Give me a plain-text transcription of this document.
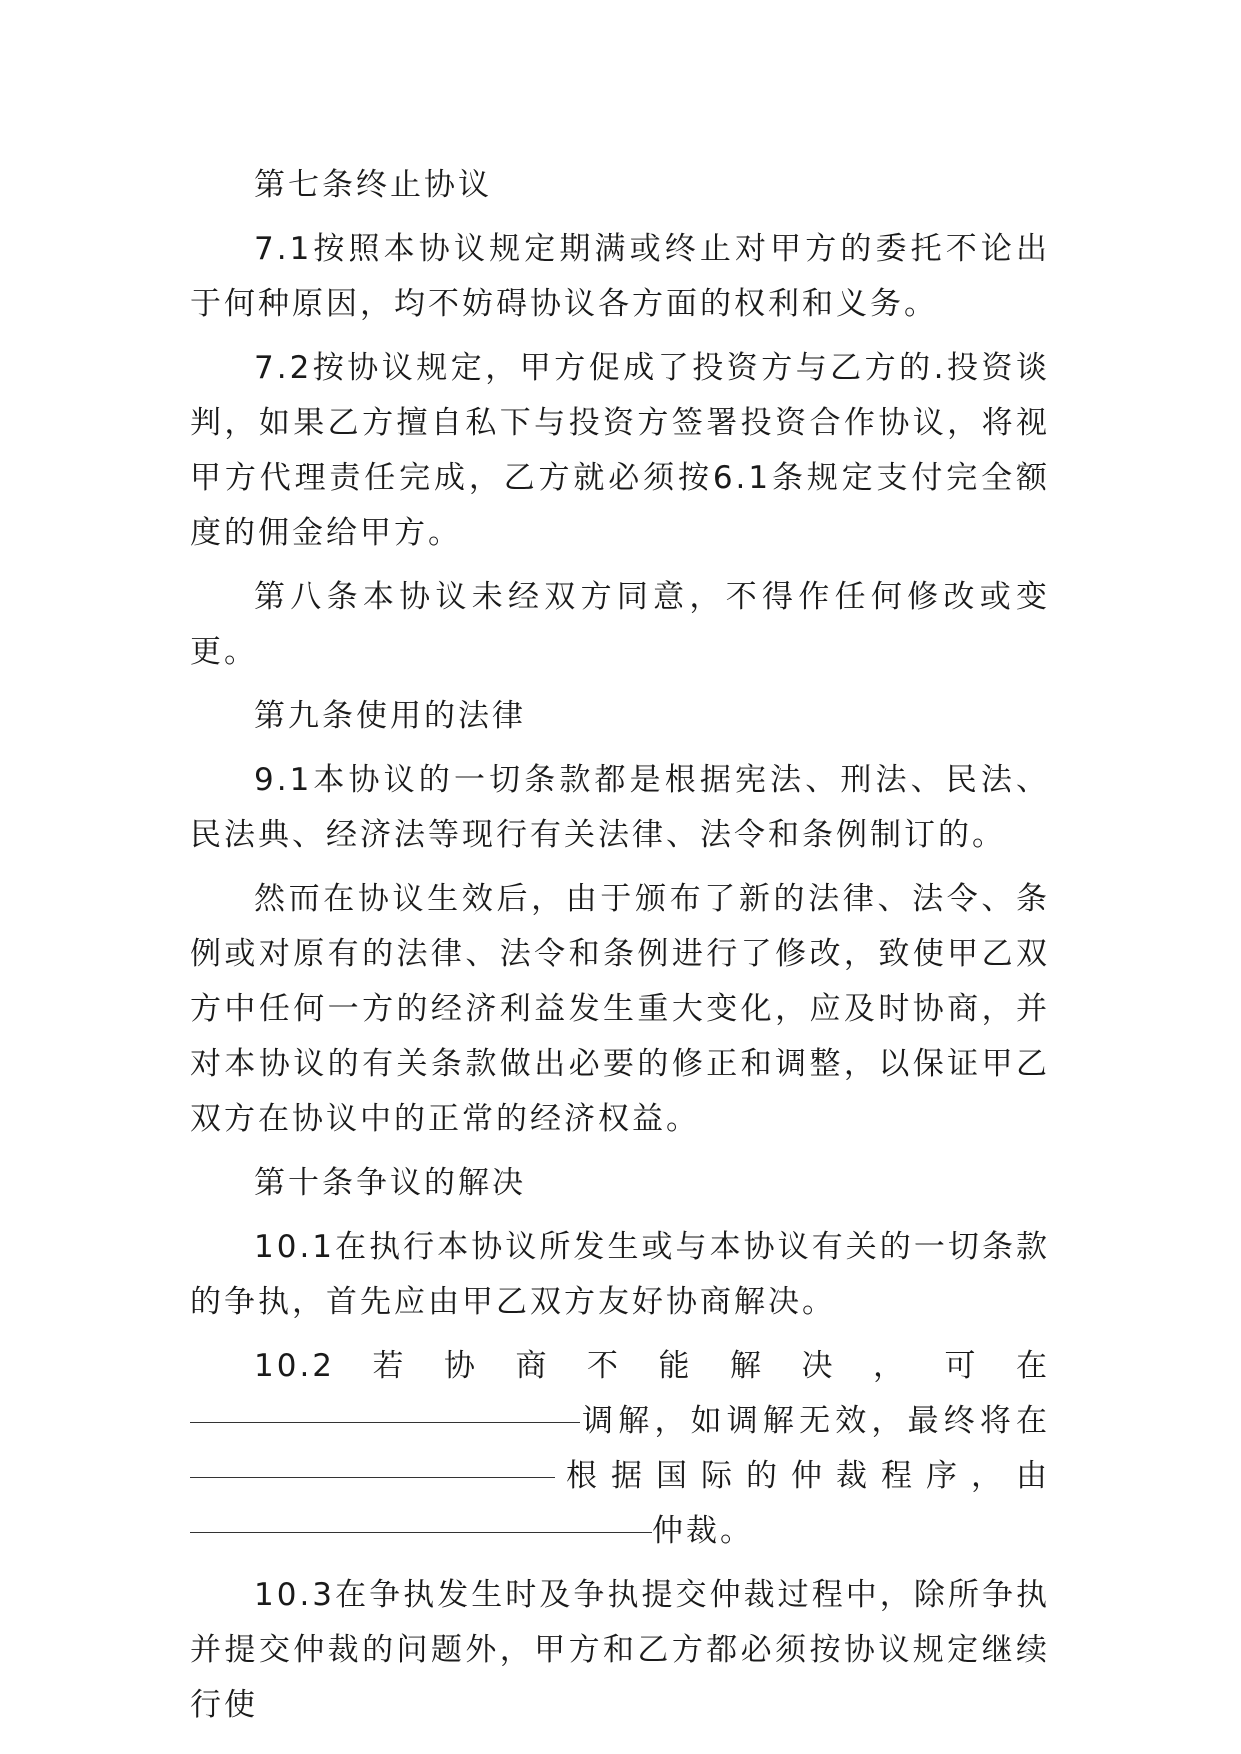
第七条终止协议

7.1按照本协议规定期满或终止对甲方的委托不论出于何种原因，均不妨碍协议各方面的权利和义务。

7.2按协议规定，甲方促成了投资方与乙方的.投资谈判，如果乙方擅自私下与投资方签署投资合作协议，将视甲方代理责任完成，乙方就必须按6.1条规定支付完全额度的佣金给甲方。

第八条本协议未经双方同意，不得作任何修改或变更。

第九条使用的法律

9.1本协议的一切条款都是根据宪法、刑法、民法、民法典、经济法等现行有关法律、法令和条例制订的。

然而在协议生效后，由于颁布了新的法律、法令、条例或对原有的法律、法令和条例进行了修改，致使甲乙双方中任何一方的经济利益发生重大变化，应及时协商，并对本协议的有关条款做出必要的修正和调整，以保证甲乙双方在协议中的正常的经济权益。

第十条争议的解决

10.1在执行本协议所发生或与本协议有关的一切条款的争执，首先应由甲乙双方友好协商解决。

10.2若协商不能解决，可在调解，如调解无效，最终将在根据国际的仲裁程序，由仲裁。

10.3在争执发生时及争执提交仲裁过程中，除所争执并提交仲裁的问题外，甲方和乙方都必须按协议规定继续行使
